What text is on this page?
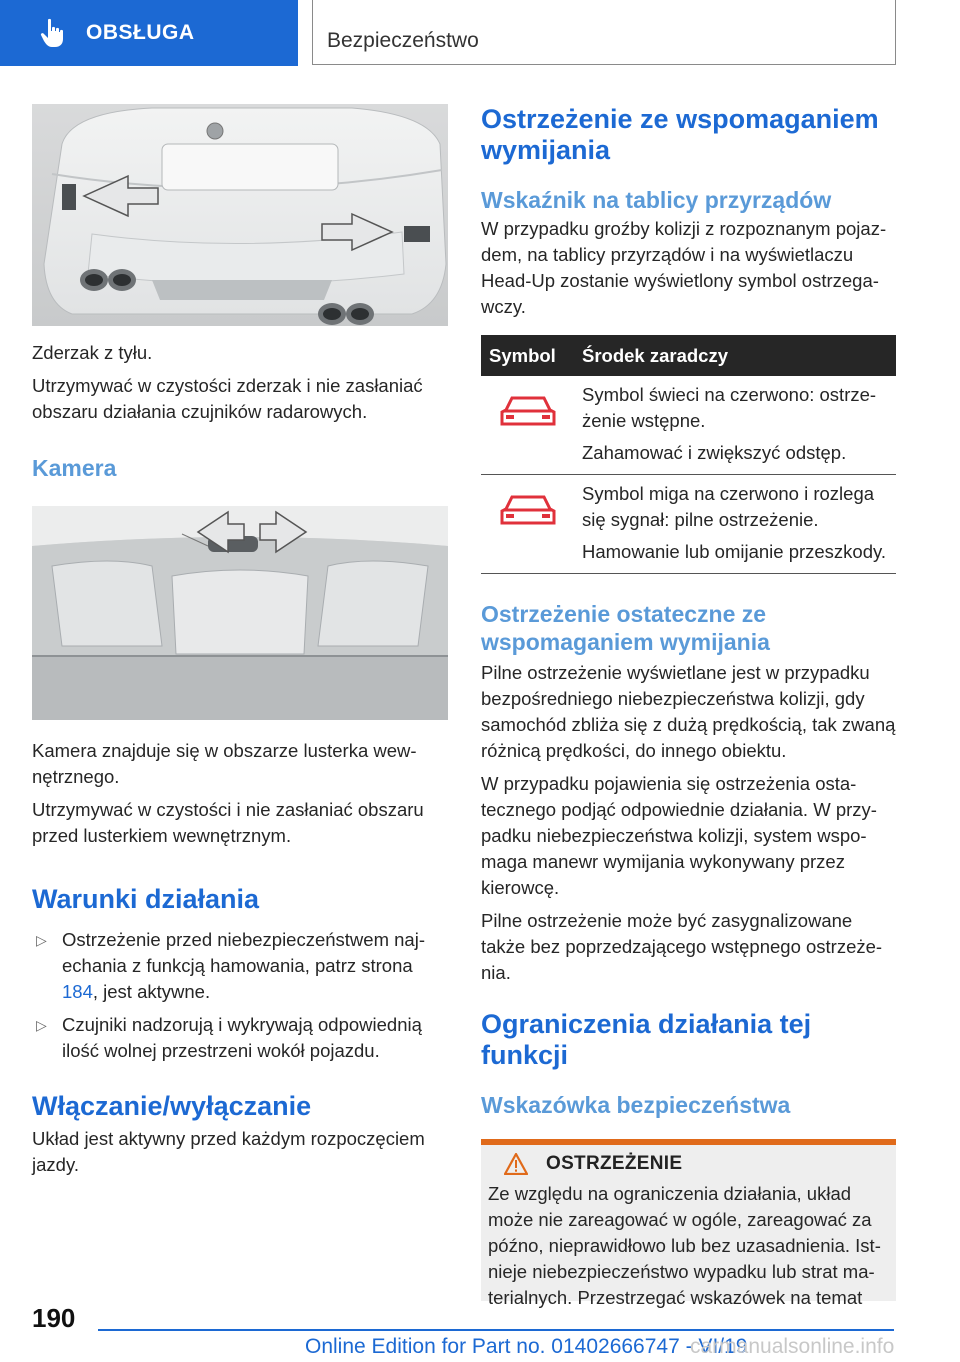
OBSŁUGA	Bezpieczeństwo

Zderzak z tyłu.

Utrzymywać w czystości zderzak i nie zasłaniać obszaru działania czujników radarowych.

Kamera

Kamera znajduje się w obszarze lusterka wew- nętrznego.

Utrzymywać w czystości i nie zasłaniać obszaru przed lusterkiem wewnętrznym.

Warunki działania
▷ Ostrzeżenie przed niebezpieczeństwem naj- echania z funkcją hamowania, patrz strona 184, jest aktywne.
▷ Czujniki nadzorują i wykrywają odpowiednią ilość wolnej przestrzeni wokół pojazdu.
Włączanie/wyłączanie

Układ jest aktywny przed każdym rozpoczęciem jazdy.

Ostrzeżenie ze wspomaganiem wymijania
Wskaźnik na tablicy przyrządów

W przypadku groźby kolizji z rozpoznanym pojaz- dem, na tablicy przyrządów i na wyświetlaczu Head-Up zostanie wyświetlony symbol ostrzega- wczy.

Symbol	Środek zaradczy

Symbol świeci na czerwono: ostrze- żenie wstępne.
Zahamować i zwiększyć odstęp.

Symbol miga na czerwono i rozlega się sygnał: pilne ostrzeżenie.
Hamowanie lub omijanie przeszkody.
Ostrzeżenie ostateczne ze wspomaganiem wymijania

Pilne ostrzeżenie wyświetlane jest w przypadku bezpośredniego niebezpieczeństwa kolizji, gdy samochód zbliża się z dużą prędkością, tak zwaną różnicą prędkości, do innego obiektu.

W przypadku pojawienia się ostrzeżenia osta- tecznego podjąć odpowiednie działania. W przy- padku niebezpieczeństwa kolizji, system wspo- maga manewr wymijania wykonywany przez kierowcę.

Pilne ostrzeżenie może być zasygnalizowane także bez poprzedzającego wstępnego ostrzeże- nia.

Ograniczenia działania tej funkcji
Wskazówka bezpieczeństwa
OSTRZEŻENIE

Ze względu na ograniczenia działania, układ może nie zareagować w ogóle, zareagować za późno, nieprawidłowo lub bez uzasadnienia. Ist- nieje niebezpieczeństwo wypadku lub strat ma- terialnych. Przestrzegać wskazówek na temat

190
Online Edition for Part no. 01402666747 - VI/19
carmanualsonline.info
